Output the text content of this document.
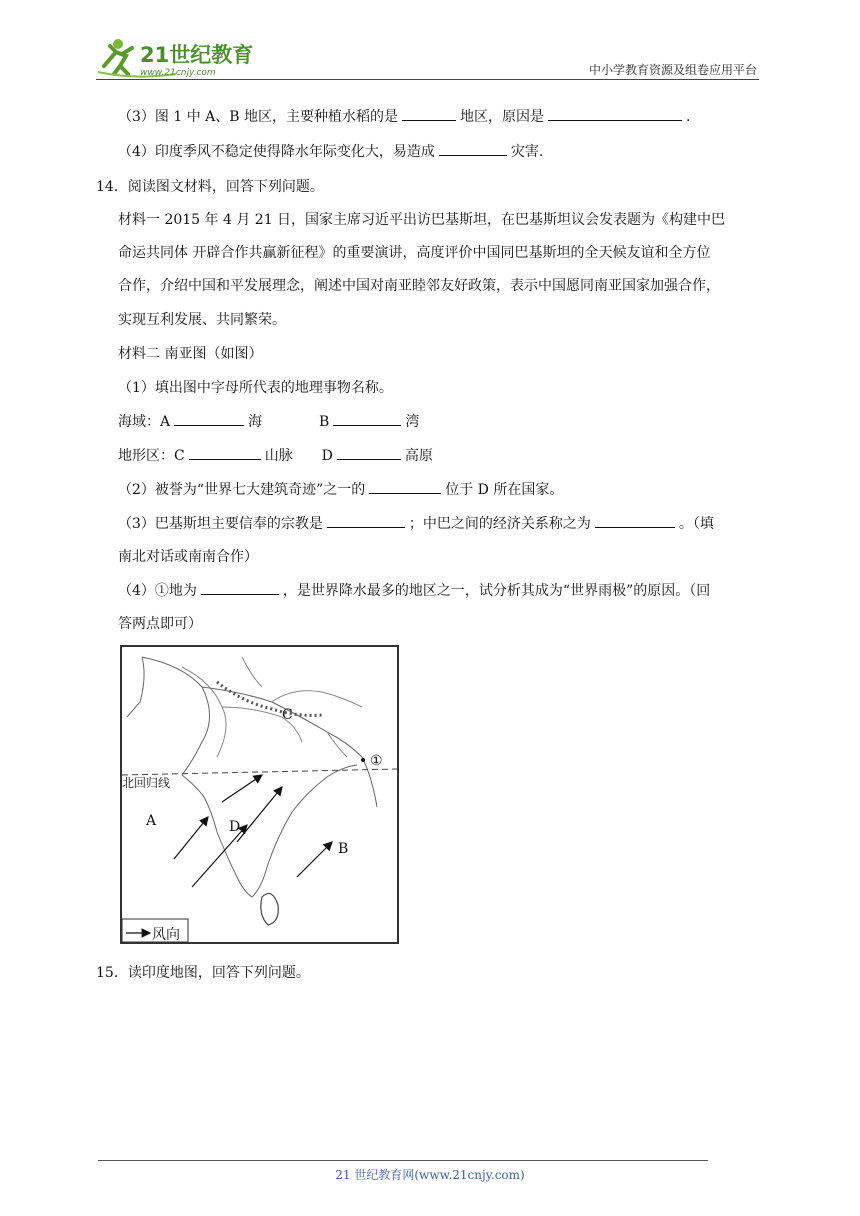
21世纪教育
www.21cnjy.com	中小学教育资源及组卷应用平台
（3）图 1 中 A、B 地区，主要种植水稻的是	地区，原因是	.
（4）印度季风不稳定使得降水年际变化大，易造成	灾害.
14．阅读图文材料，回答下列问题。
材料一 2015 年 4 月 21 日，国家主席习近平出访巴基斯坦，在巴基斯坦议会发表题为《构建中巴
命运共同体 开辟合作共赢新征程》的重要演讲，高度评价中国同巴基斯坦的全天候友谊和全方位
合作，介绍中国和平发展理念，阐述中国对南亚睦邻友好政策，表示中国愿同南亚国家加强合作，
实现互利发展、共同繁荣。
材料二 南亚图（如图）
（1）填出图中字母所代表的地理事物名称。
海域：A	海	B	湾
地形区：C	山脉 D	高原
（2）被誉为“世界七大建筑奇迹”之一的	位于 D 所在国家。
（3）巴基斯坦主要信奉的宗教是	；中巴之间的经济关系称之为	。（填
南北对话或南南合作）
（4）①地为	，是世界降水最多的地区之一，试分析其成为“世界雨极”的原因。（回
答两点即可）
北回归线
A
B
C
D
①
风向
15．读印度地图，回答下列问题。
21 世纪教育网(www.21cnjy.com)
